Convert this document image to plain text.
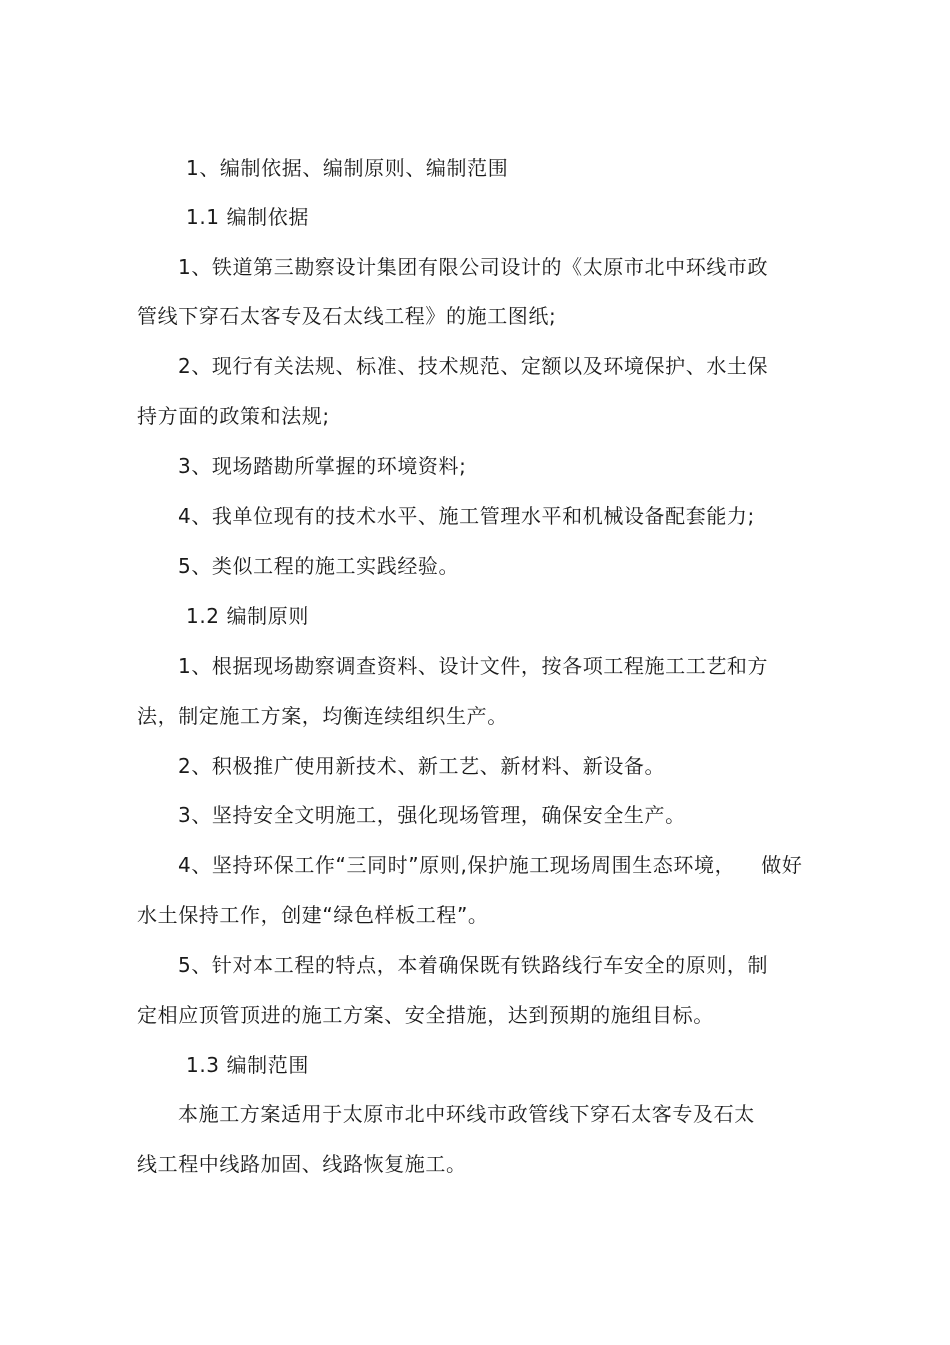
1、编制依据、编制原则、编制范围
1.1 编制依据
1、铁道第三勘察设计集团有限公司设计的《太原市北中环线市政
管线下穿石太客专及石太线工程》的施工图纸;
2、现行有关法规、标准、技术规范、定额以及环境保护、水土保
持方面的政策和法规;
3、现场踏勘所掌握的环境资料;
4、我单位现有的技术水平、施工管理水平和机械设备配套能力;
5、类似工程的施工实践经验。
1.2 编制原则
1、根据现场勘察调查资料、设计文件，按各项工程施工工艺和方
法，制定施工方案，均衡连续组织生产。
2、积极推广使用新技术、新工艺、新材料、新设备。
3、坚持安全文明施工，强化现场管理，确保安全生产。
4、坚持环保工作“三同时”原则,保护施工现场周围生态环境， 做好
水土保持工作，创建“绿色样板工程”。
5、针对本工程的特点，本着确保既有铁路线行车安全的原则，制
定相应顶管顶进的施工方案、安全措施，达到预期的施组目标。
1.3 编制范围
本施工方案适用于太原市北中环线市政管线下穿石太客专及石太
线工程中线路加固、线路恢复施工。
